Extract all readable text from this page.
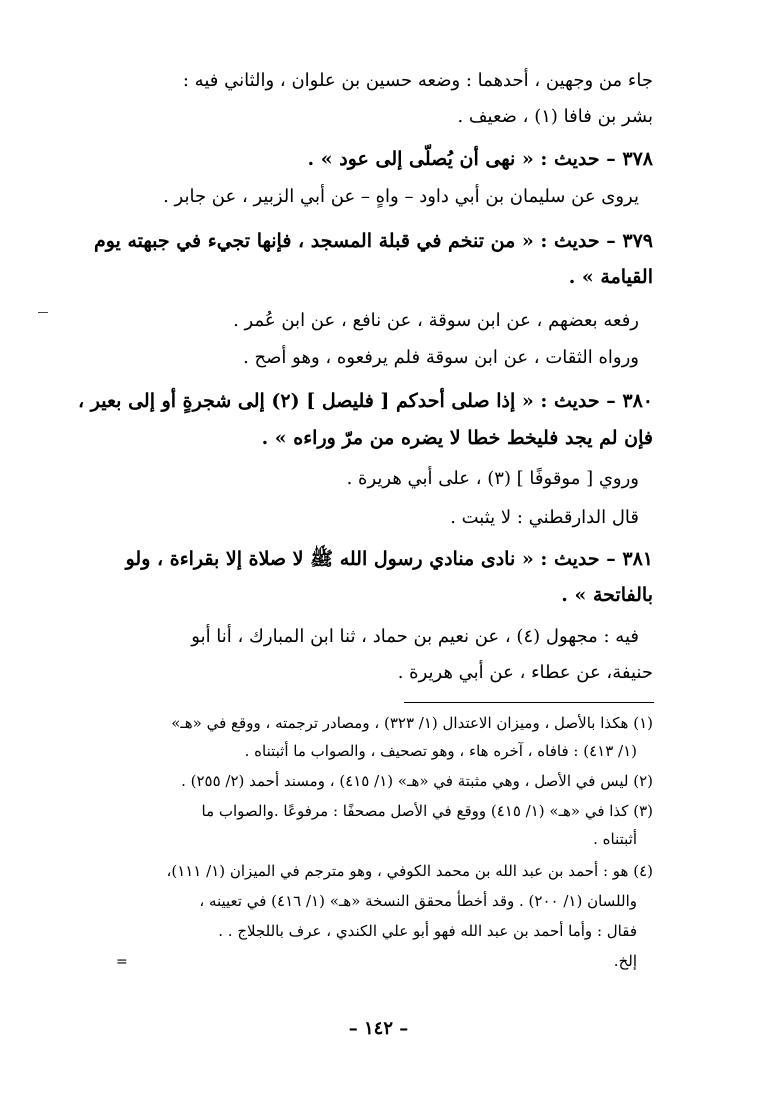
جاء من وجهين ، أحدهما : وضعه حسين بن علوان ، والثاني فيه :
بشر بن فافا (١) ، ضعيف .
٣٧٨ – حديث : « نهى أن يُصلّى إلى عود » .
يروى عن سليمان بن أبي داود – واهٍ – عن أبي الزبير ، عن جابر .
٣٧٩ – حديث : « من تنخم في قبلة المسجد ، فإنها تجيء في جبهته يوم
القيامة » .
رفعه بعضهم ، عن ابن سوقة ، عن نافع ، عن ابن عُمر .
ورواه الثقات ، عن ابن سوقة فلم يرفعوه ، وهو أصح .
٣٨٠ – حديث : « إذا صلى أحدكم [ فليصل ] (٢) إلى شجرةٍ أو إلى بعير ،
فإن لم يجد فليخط خطا لا يضره من مرّ وراءه » .
وروي [ موقوفًا ] (٣) ، على أبي هريرة .
قال الدارقطني : لا يثبت .
٣٨١ – حديث : « نادى منادي رسول الله ﷺ لا صلاة إلا بقراءة ، ولو
بالفاتحة » .
فيه : مجهول (٤) ، عن نعيم بن حماد ، ثنا ابن المبارك ، أنا أبو
حنيفة، عن عطاء ، عن أبي هريرة .
(١) هكذا بالأصل ، وميزان الاعتدال (١/ ٣٢٣) ، ومصادر ترجمته ، ووقع في «هـ»
(١/ ٤١٣) : فافاه ، آخره هاء ، وهو تصحيف ، والصواب ما أثبتناه .
(٢) ليس في الأصل ، وهي مثبتة في «هـ» (١/ ٤١٥) ، ومسند أحمد (٢/ ٢٥٥) .
(٣) كذا في «هـ» (١/ ٤١٥) ووقع في الأصل مصحفًا : مرفوعًا .والصواب ما
أثبتناه .
(٤) هو : أحمد بن عبد الله بن محمد الكوفي ، وهو مترجم في الميزان (١/ ١١١)،
واللسان (١/ ٢٠٠) . وقد أخطأ محقق النسخة «هـ» (١/ ٤١٦) في تعيينه ،
فقال : وأما أحمد بن عبد الله فهو أبو علي الكندي ، عرف باللجلاج . .
إلخ.
=
– ١٤٢ –
